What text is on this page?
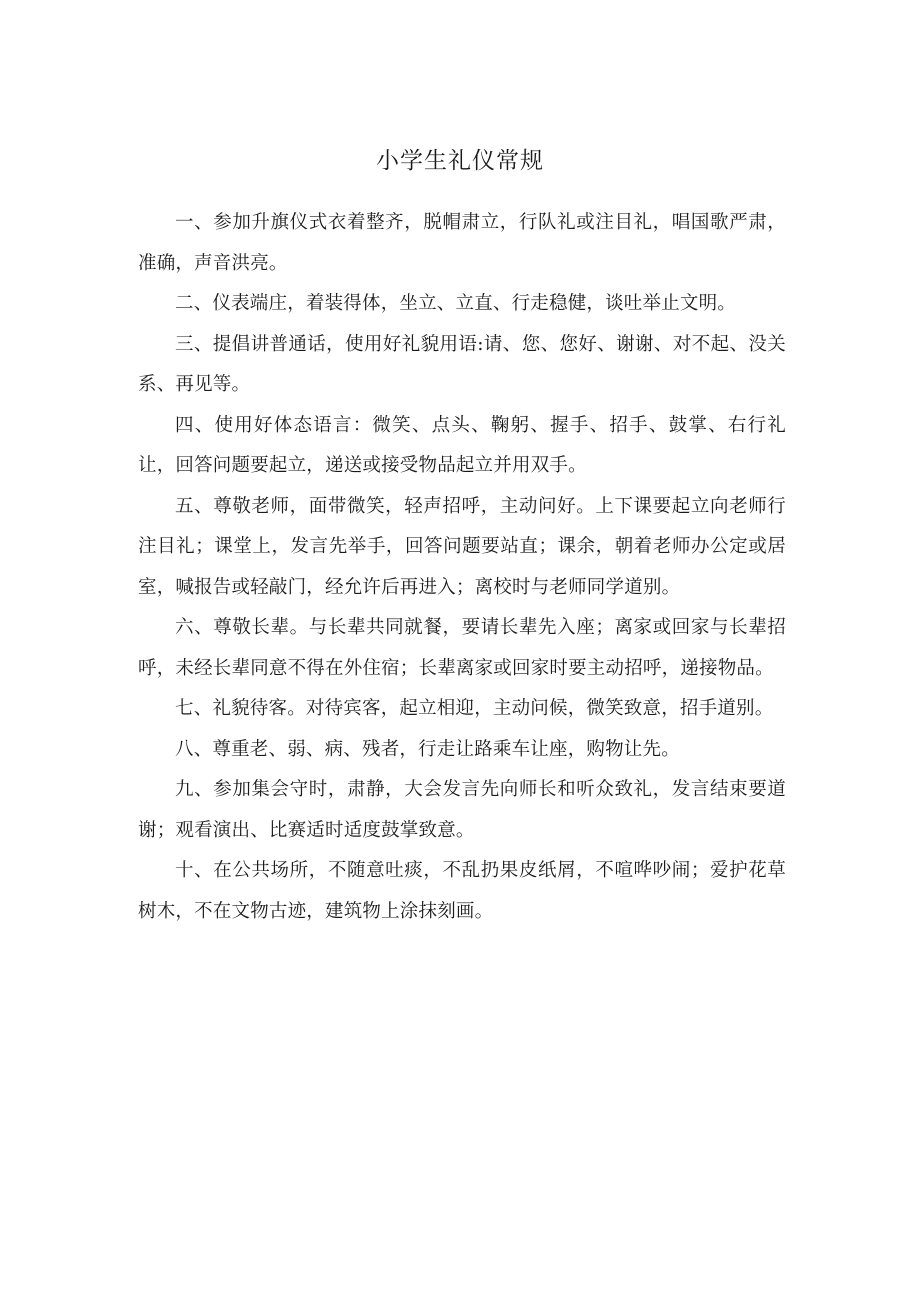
小学生礼仪常规

一、参加升旗仪式衣着整齐，脱帽肃立，行队礼或注目礼，唱国歌严肃，准确，声音洪亮。

二、仪表端庄，着装得体，坐立、立直、行走稳健，谈吐举止文明。

三、提倡讲普通话，使用好礼貌用语:请、您、您好、谢谢、对不起、没关系、再见等。

四、使用好体态语言：微笑、点头、鞠躬、握手、招手、鼓掌、右行礼让，回答问题要起立，递送或接受物品起立并用双手。

五、尊敬老师，面带微笑，轻声招呼，主动问好。上下课要起立向老师行注目礼；课堂上，发言先举手，回答问题要站直；课余，朝着老师办公定或居室，喊报告或轻敲门，经允许后再进入；离校时与老师同学道别。

六、尊敬长辈。与长辈共同就餐，要请长辈先入座；离家或回家与长辈招呼，未经长辈同意不得在外住宿；长辈离家或回家时要主动招呼，递接物品。

七、礼貌待客。对待宾客，起立相迎，主动问候，微笑致意，招手道别。

八、尊重老、弱、病、残者，行走让路乘车让座，购物让先。

九、参加集会守时，肃静，大会发言先向师长和听众致礼，发言结束要道谢；观看演出、比赛适时适度鼓掌致意。

十、在公共场所，不随意吐痰，不乱扔果皮纸屑，不喧哗吵闹；爱护花草树木，不在文物古迹，建筑物上涂抹刻画。
